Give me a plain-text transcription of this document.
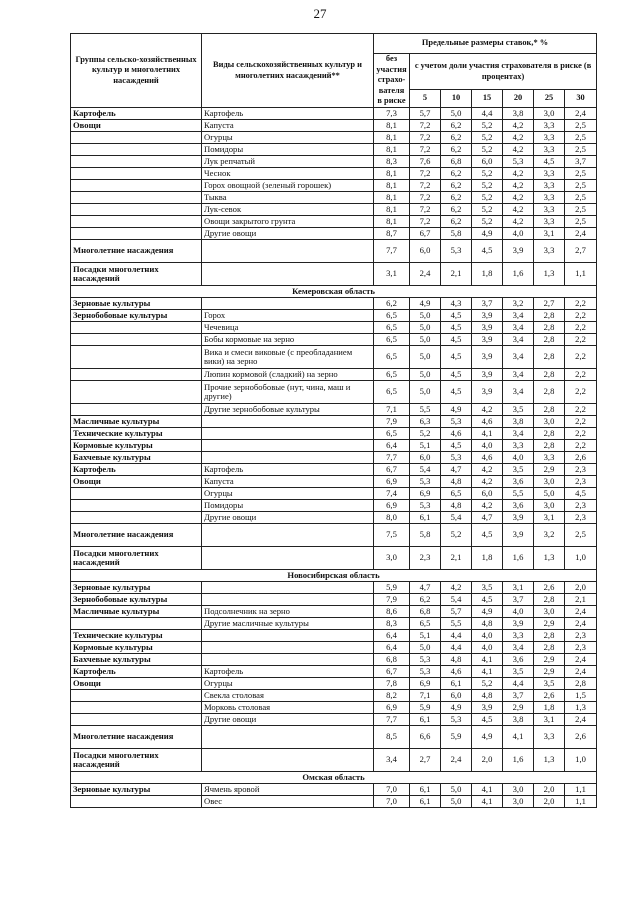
27
Группы сельско-хозяйственных культур и многолетних насаждений	Виды сельскохозяйственных культур и многолетних насаждений**	Предельные размеры ставок,* %						
		без участия страхо-вателя в риске	с учетом доли участия страхователя в риске (в процентах)					
			5	10	15	20	25	30
Картофель	Картофель	7,3	5,7	5,0	4,4	3,8	3,0	2,4
Овощи	Капуста	8,1	7,2	6,2	5,2	4,2	3,3	2,5
	Огурцы	8,1	7,2	6,2	5,2	4,2	3,3	2,5
	Помидоры	8,1	7,2	6,2	5,2	4,2	3,3	2,5
	Лук репчатый	8,3	7,6	6,8	6,0	5,3	4,5	3,7
	Чеснок	8,1	7,2	6,2	5,2	4,2	3,3	2,5
	Горох овощной (зеленый горошек)	8,1	7,2	6,2	5,2	4,2	3,3	2,5
	Тыква	8,1	7,2	6,2	5,2	4,2	3,3	2,5
	Лук-севок	8,1	7,2	6,2	5,2	4,2	3,3	2,5
	Овощи закрытого грунта	8,1	7,2	6,2	5,2	4,2	3,3	2,5
	Другие овощи	8,7	6,7	5,8	4,9	4,0	3,1	2,4
Многолетние насаждения		7,7	6,0	5,3	4,5	3,9	3,3	2,7
Посадки многолетних насаждений		3,1	2,4	2,1	1,8	1,6	1,3	1,1
Кемеровская область								
Зерновые культуры		6,2	4,9	4,3	3,7	3,2	2,7	2,2
Зернобобовые культуры	Горох	6,5	5,0	4,5	3,9	3,4	2,8	2,2
	Чечевица	6,5	5,0	4,5	3,9	3,4	2,8	2,2
	Бобы кормовые на зерно	6,5	5,0	4,5	3,9	3,4	2,8	2,2
	Вика и смеси виковые (с преобладанием вики) на зерно	6,5	5,0	4,5	3,9	3,4	2,8	2,2
	Люпин кормовой (сладкий) на зерно	6,5	5,0	4,5	3,9	3,4	2,8	2,2
	Прочие зернобобовые (нут, чина, маш и другие)	6,5	5,0	4,5	3,9	3,4	2,8	2,2
	Другие зернобобовые культуры	7,1	5,5	4,9	4,2	3,5	2,8	2,2
Масличные культуры		7,9	6,3	5,3	4,6	3,8	3,0	2,2
Технические культуры		6,5	5,2	4,6	4,1	3,4	2,8	2,2
Кормовые культуры		6,4	5,1	4,5	4,0	3,3	2,8	2,2
Бахчевые культуры		7,7	6,0	5,3	4,6	4,0	3,3	2,6
Картофель	Картофель	6,7	5,4	4,7	4,2	3,5	2,9	2,3
Овощи	Капуста	6,9	5,3	4,8	4,2	3,6	3,0	2,3
	Огурцы	7,4	6,9	6,5	6,0	5,5	5,0	4,5
	Помидоры	6,9	5,3	4,8	4,2	3,6	3,0	2,3
	Другие овощи	8,0	6,1	5,4	4,7	3,9	3,1	2,3
Многолетние насаждения		7,5	5,8	5,2	4,5	3,9	3,2	2,5
Посадки многолетних насаждений		3,0	2,3	2,1	1,8	1,6	1,3	1,0
Новосибирская область								
Зерновые культуры		5,9	4,7	4,2	3,5	3,1	2,6	2,0
Зернобобовые культуры		7,9	6,2	5,4	4,5	3,7	2,8	2,1
Масличные культуры	Подсолнечник на зерно	8,6	6,8	5,7	4,9	4,0	3,0	2,4
	Другие масличные культуры	8,3	6,5	5,5	4,8	3,9	2,9	2,4
Технические культуры		6,4	5,1	4,4	4,0	3,3	2,8	2,3
Кормовые культуры		6,4	5,0	4,4	4,0	3,4	2,8	2,3
Бахчевые культуры		6,8	5,3	4,8	4,1	3,6	2,9	2,4
Картофель	Картофель	6,7	5,3	4,6	4,1	3,5	2,9	2,4
Овощи	Огурцы	7,8	6,9	6,1	5,2	4,4	3,5	2,8
	Свекла столовая	8,2	7,1	6,0	4,8	3,7	2,6	1,5
	Морковь столовая	6,9	5,9	4,9	3,9	2,9	1,8	1,3
	Другие овощи	7,7	6,1	5,3	4,5	3,8	3,1	2,4
Многолетние насаждения		8,5	6,6	5,9	4,9	4,1	3,3	2,6
Посадки многолетних насаждений		3,4	2,7	2,4	2,0	1,6	1,3	1,0
Омская область								
Зерновые культуры	Ячмень яровой	7,0	6,1	5,0	4,1	3,0	2,0	1,1
	Овес	7,0	6,1	5,0	4,1	3,0	2,0	1,1
